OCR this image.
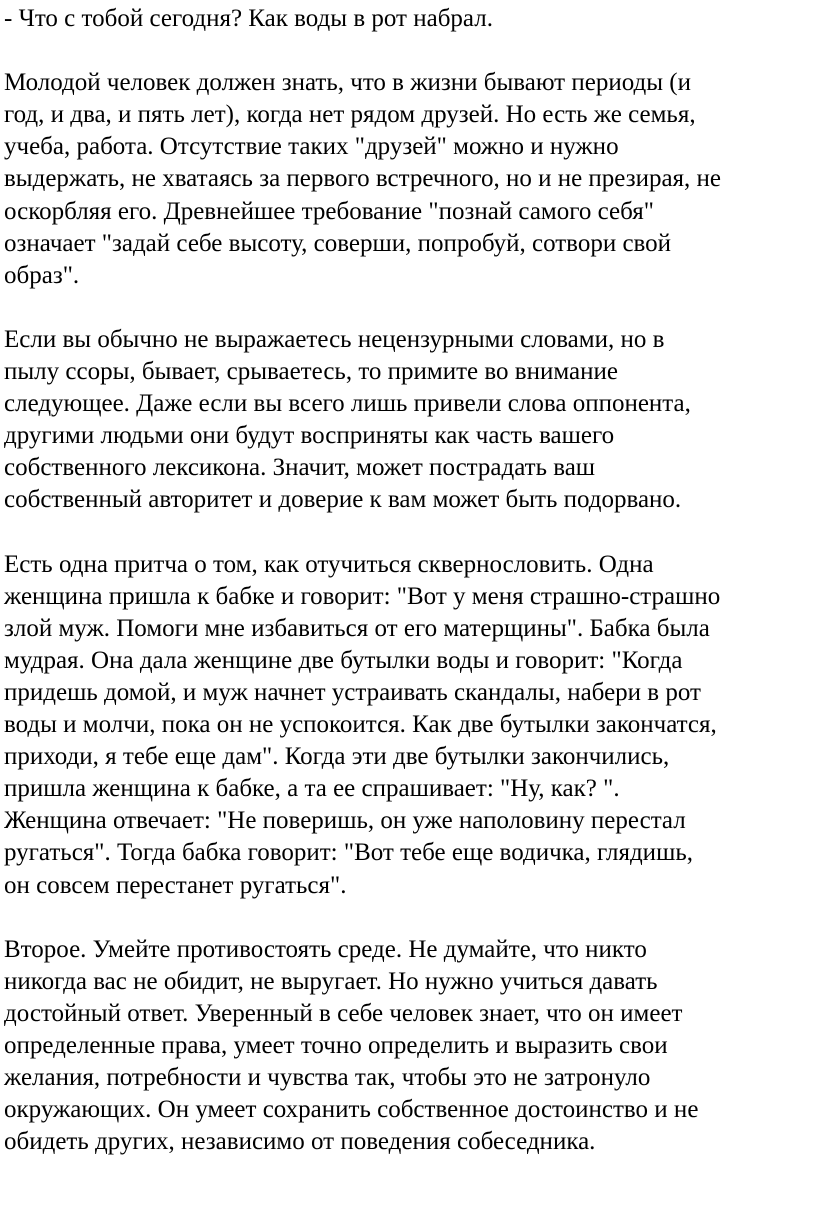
- Что с тобой сегодня? Как воды в рот набрал.

Молодой человек должен знать, что в жизни бывают периоды (и
год, и два, и пять лет), когда нет рядом друзей. Но есть же семья,
учеба, работа. Отсутствие таких "друзей" можно и нужно
выдержать, не хватаясь за первого встречного, но и не презирая, не
оскорбляя его. Древнейшее требование "познай самого себя"
означает "задай себе высоту, соверши, попробуй, сотвори свой
образ".

Если вы обычно не выражаетесь нецензурными словами, но в
пылу ссоры, бывает, срываетесь, то примите во внимание
следующее. Даже если вы всего лишь привели слова оппонента,
другими людьми они будут восприняты как часть вашего
собственного лексикона. Значит, может пострадать ваш
собственный авторитет и доверие к вам может быть подорвано.

Есть одна притча о том, как отучиться сквернословить. Одна
женщина пришла к бабке и говорит: "Вот у меня страшно-страшно
злой муж. Помоги мне избавиться от его матерщины". Бабка была
мудрая. Она дала женщине две бутылки воды и говорит: "Когда
придешь домой, и муж начнет устраивать скандалы, набери в рот
воды и молчи, пока он не успокоится. Как две бутылки закончатся,
приходи, я тебе еще дам". Когда эти две бутылки закончились,
пришла женщина к бабке, а та ее спрашивает: "Ну, как? ".
Женщина отвечает: "Не поверишь, он уже наполовину перестал
ругаться". Тогда бабка говорит: "Вот тебе еще водичка, глядишь,
он совсем перестанет ругаться".

Второе. Умейте противостоять среде. Не думайте, что никто
никогда вас не обидит, не выругает. Но нужно учиться давать
достойный ответ. Уверенный в себе человек знает, что он имеет
определенные права, умеет точно определить и выразить свои
желания, потребности и чувства так, чтобы это не затронуло
окружающих. Он умеет сохранить собственное достоинство и не
обидеть других, независимо от поведения собеседника.
